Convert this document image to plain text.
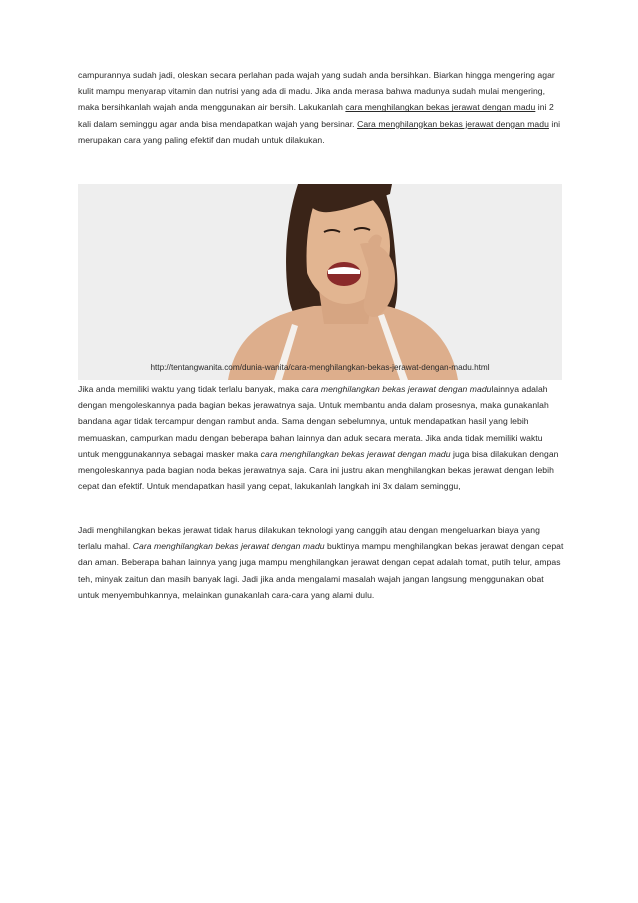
campurannya sudah jadi, oleskan secara perlahan pada wajah yang sudah anda bersihkan. Biarkan hingga mengering agar kulit mampu menyarap vitamin dan nutrisi yang ada di madu. Jika anda merasa bahwa madunya sudah mulai mengering, maka bersihkanlah wajah anda menggunakan air bersih. Lakukanlah cara menghilangkan bekas jerawat dengan madu ini 2 kali dalam seminggu agar anda bisa mendapatkan wajah yang bersinar. Cara menghilangkan bekas jerawat dengan madu ini merupakan cara yang paling efektif dan mudah untuk dilakukan.

http://tentangwanita.com/dunia-wanita/cara-menghilangkan-bekas-jerawat-dengan-madu.html

Jika anda memiliki waktu yang tidak terlalu banyak, maka cara menghilangkan bekas jerawat dengan madulainnya adalah dengan mengoleskannya pada bagian bekas jerawatnya saja. Untuk membantu anda dalam prosesnya, maka gunakanlah bandana agar tidak tercampur dengan rambut anda. Sama dengan sebelumnya, untuk mendapatkan hasil yang lebih memuaskan, campurkan madu dengan beberapa bahan lainnya dan aduk secara merata. Jika anda tidak memiliki waktu untuk menggunakannya sebagai masker maka cara menghilangkan bekas jerawat dengan madu juga bisa dilakukan dengan mengoleskannya pada bagian noda bekas jerawatnya saja. Cara ini justru akan menghilangkan bekas jerawat dengan lebih cepat dan efektif. Untuk mendapatkan hasil yang cepat, lakukanlah langkah ini 3x dalam seminggu,

Jadi menghilangkan bekas jerawat tidak harus dilakukan teknologi yang canggih atau dengan mengeluarkan biaya yang terlalu mahal. Cara menghilangkan bekas jerawat dengan madu buktinya mampu menghilangkan bekas jerawat dengan cepat dan aman. Beberapa bahan lainnya yang juga mampu menghilangkan jerawat dengan cepat adalah tomat, putih telur, ampas teh, minyak zaitun dan masih banyak lagi. Jadi jika anda mengalami masalah wajah jangan langsung menggunakan obat untuk menyembuhkannya, melainkan gunakanlah cara-cara yang alami dulu.
